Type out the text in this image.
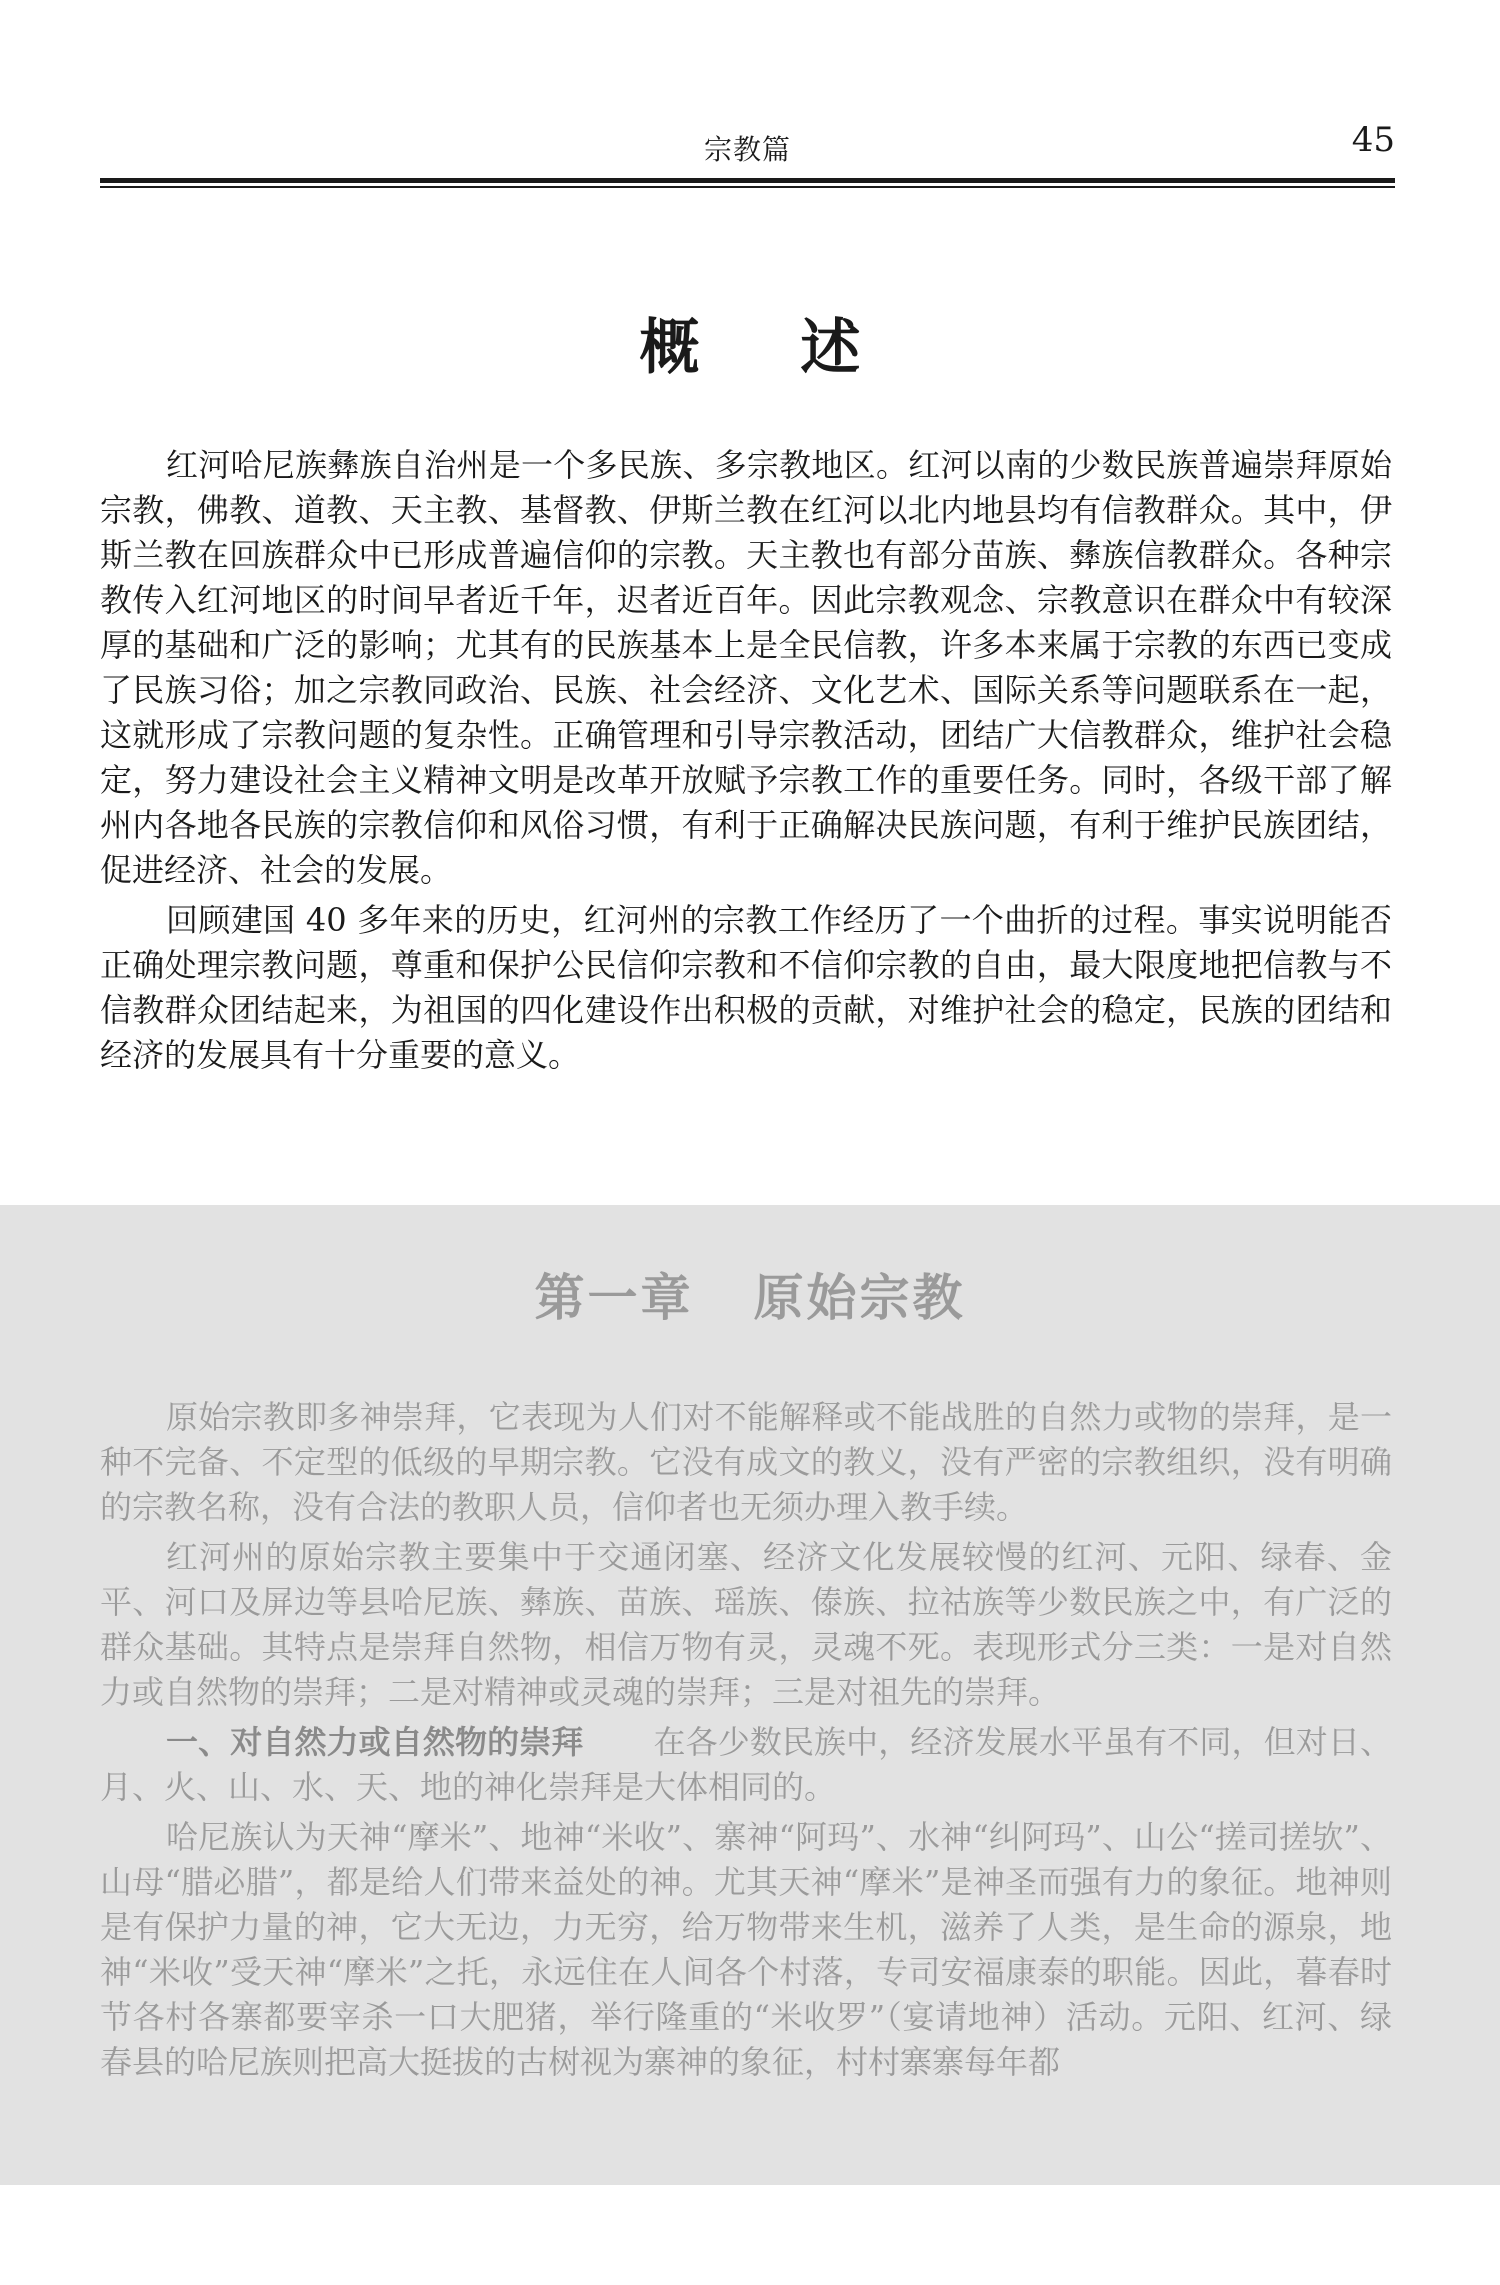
宗教篇	45
概 述

红河哈尼族彝族自治州是一个多民族、多宗教地区。红河以南的少数民族普遍崇拜原始宗教，佛教、道教、天主教、基督教、伊斯兰教在红河以北内地县均有信教群众。其中，伊斯兰教在回族群众中已形成普遍信仰的宗教。天主教也有部分苗族、彝族信教群众。各种宗教传入红河地区的时间早者近千年，迟者近百年。因此宗教观念、宗教意识在群众中有较深厚的基础和广泛的影响；尤其有的民族基本上是全民信教，许多本来属于宗教的东西已变成了民族习俗；加之宗教同政治、民族、社会经济、文化艺术、国际关系等问题联系在一起，这就形成了宗教问题的复杂性。正确管理和引导宗教活动，团结广大信教群众，维护社会稳定，努力建设社会主义精神文明是改革开放赋予宗教工作的重要任务。同时，各级干部了解州内各地各民族的宗教信仰和风俗习惯，有利于正确解决民族问题，有利于维护民族团结，促进经济、社会的发展。

回顾建国 40 多年来的历史，红河州的宗教工作经历了一个曲折的过程。事实说明能否正确处理宗教问题，尊重和保护公民信仰宗教和不信仰宗教的自由，最大限度地把信教与不信教群众团结起来，为祖国的四化建设作出积极的贡献，对维护社会的稳定，民族的团结和经济的发展具有十分重要的意义。

第一章 原始宗教

原始宗教即多神崇拜，它表现为人们对不能解释或不能战胜的自然力或物的崇拜，是一种不完备、不定型的低级的早期宗教。它没有成文的教义，没有严密的宗教组织，没有明确的宗教名称，没有合法的教职人员，信仰者也无须办理入教手续。

红河州的原始宗教主要集中于交通闭塞、经济文化发展较慢的红河、元阳、绿春、金平、河口及屏边等县哈尼族、彝族、苗族、瑶族、傣族、拉祜族等少数民族之中，有广泛的群众基础。其特点是崇拜自然物，相信万物有灵，灵魂不死。表现形式分三类：一是对自然力或自然物的崇拜；二是对精神或灵魂的崇拜；三是对祖先的崇拜。

一、对自然力或自然物的崇拜 在各少数民族中，经济发展水平虽有不同，但对日、月、火、山、水、天、地的神化崇拜是大体相同的。

哈尼族认为天神“摩米”、地神“米收”、寨神“阿玛”、水神“纠阿玛”、山公“搓司搓欤”、山母“腊必腊”，都是给人们带来益处的神。尤其天神“摩米”是神圣而强有力的象征。地神则是有保护力量的神，它大无边，力无穷，给万物带来生机，滋养了人类，是生命的源泉，地神“米收”受天神“摩米”之托，永远住在人间各个村落，专司安福康泰的职能。因此，暮春时节各村各寨都要宰杀一口大肥猪，举行隆重的“米收罗”（宴请地神）活动。元阳、红河、绿春县的哈尼族则把高大挺拔的古树视为寨神的象征，村村寨寨每年都
